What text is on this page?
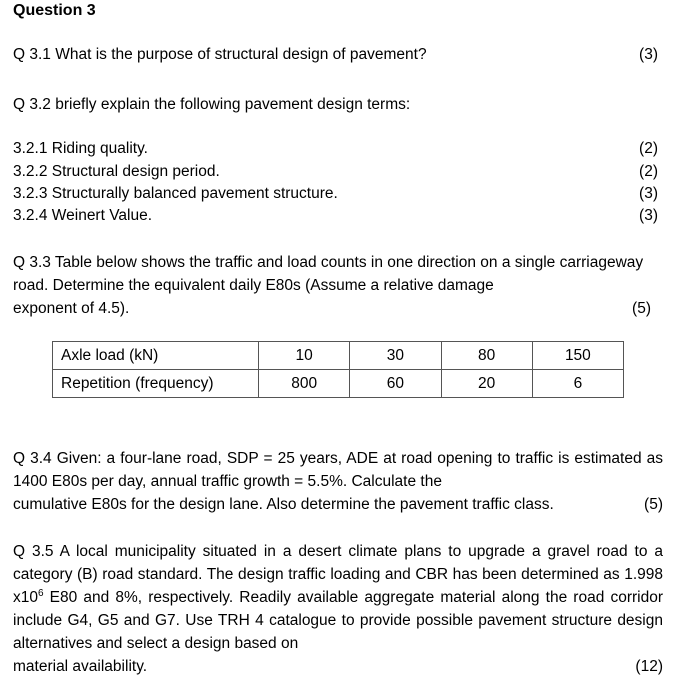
Question 3
Q 3.1 What is the purpose of structural design of pavement?	(3)
Q 3.2 briefly explain the following pavement design terms:
3.2.1 Riding quality.	(2)
3.2.2 Structural design period.	(2)
3.2.3 Structurally balanced pavement structure.	(3)
3.2.4 Weinert Value.	(3)
Q 3.3 Table below shows the traffic and load counts in one direction on a single carriageway road. Determine the equivalent daily E80s (Assume a relative damage
exponent of 4.5).	(5)
Axle load (kN)	10	30	80	150
Repetition (frequency)	800	60	20	6
Q 3.4 Given: a four-lane road, SDP = 25 years, ADE at road opening to traffic is estimated as 1400 E80s per day, annual traffic growth = 5.5%. Calculate the
cumulative E80s for the design lane. Also determine the pavement traffic class.	(5)
Q 3.5 A local municipality situated in a desert climate plans to upgrade a gravel road to a category (B) road standard. The design traffic loading and CBR has been determined as 1.998 $x10^6$ E80 and 8%, respectively. Readily available aggregate material along the road corridor include G4, G5 and G7. Use TRH 4 catalogue to provide possible pavement structure design alternatives and select a design based on
material availability.	(12)
